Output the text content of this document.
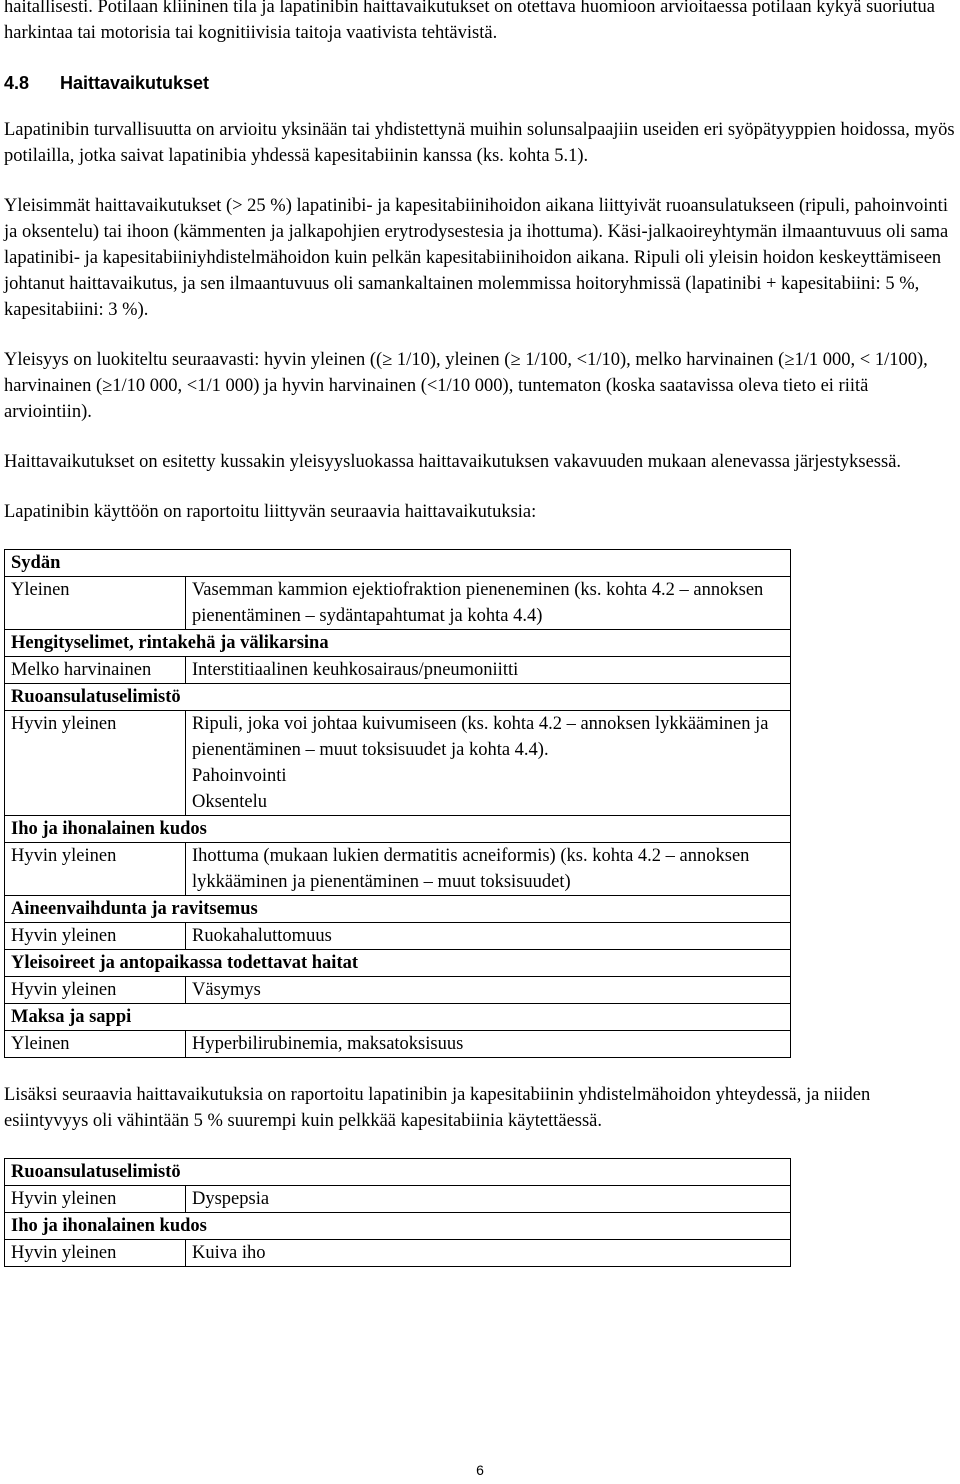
haitallisesti. Potilaan kliininen tila ja lapatinibin haittavaikutukset on otettava huomioon arvioitaessa potilaan kykyä suoriutua harkintaa tai motorisia tai kognitiivisia taitoja vaativista tehtävistä.

4.8 Haittavaikutukset

Lapatinibin turvallisuutta on arvioitu yksinään tai yhdistettynä muihin solunsalpaajiin useiden eri syöpätyyppien hoidossa, myös potilailla, jotka saivat lapatinibia yhdessä kapesitabiinin kanssa (ks. kohta 5.1).

Yleisimmät haittavaikutukset (> 25 %) lapatinibi- ja kapesitabiinihoidon aikana liittyivät ruoansulatukseen (ripuli, pahoinvointi ja oksentelu) tai ihoon (kämmenten ja jalkapohjien erytrodysestesia ja ihottuma). Käsi-jalkaoireyhtymän ilmaantuvuus oli sama lapatinibi- ja kapesitabiiniyhdistelmähoidon kuin pelkän kapesitabiinihoidon aikana. Ripuli oli yleisin hoidon keskeyttämiseen johtanut haittavaikutus, ja sen ilmaantuvuus oli samankaltainen molemmissa hoitoryhmissä (lapatinibi + kapesitabiini: 5 %, kapesitabiini: 3 %).

Yleisyys on luokiteltu seuraavasti: hyvin yleinen ((≥ 1/10), yleinen (≥ 1/100, <1/10), melko harvinainen (≥1/1 000, < 1/100), harvinainen (≥1/10 000, <1/1 000) ja hyvin harvinainen (<1/10 000), tuntematon (koska saatavissa oleva tieto ei riitä arviointiin).

Haittavaikutukset on esitetty kussakin yleisyysluokassa haittavaikutuksen vakavuuden mukaan alenevassa järjestyksessä.

Lapatinibin käyttöön on raportoitu liittyvän seuraavia haittavaikutuksia:

Sydän	
Yleinen	Vasemman kammion ejektiofraktion pieneneminen (ks. kohta 4.2 – annoksen pienentäminen – sydäntapahtumat ja kohta 4.4)

Hengityselimet, rintakehä ja välikarsina	
Melko harvinainen	Interstitiaalinen keuhkosairaus/pneumoniitti

Ruoansulatuselimistö	
Hyvin yleinen	Ripuli, joka voi johtaa kuivumiseen (ks. kohta 4.2 – annoksen lykkääminen ja pienentäminen – muut toksisuudet ja kohta 4.4).
Pahoinvointi
Oksentelu

Iho ja ihonalainen kudos	
Hyvin yleinen	Ihottuma (mukaan lukien dermatitis acneiformis) (ks. kohta 4.2 – annoksen lykkääminen ja pienentäminen – muut toksisuudet)

Aineenvaihdunta ja ravitsemus	
Hyvin yleinen	Ruokahaluttomuus

Yleisoireet ja antopaikassa todettavat haitat	
Hyvin yleinen	Väsymys

Maksa ja sappi	
Yleinen	Hyperbilirubinemia, maksatoksisuus

Lisäksi seuraavia haittavaikutuksia on raportoitu lapatinibin ja kapesitabiinin yhdistelmähoidon yhteydessä, ja niiden esiintyvyys oli vähintään 5 % suurempi kuin pelkkää kapesitabiinia käytettäessä.

Ruoansulatuselimistö	
Hyvin yleinen	Dyspepsia

Iho ja ihonalainen kudos	
Hyvin yleinen	Kuiva iho
6
